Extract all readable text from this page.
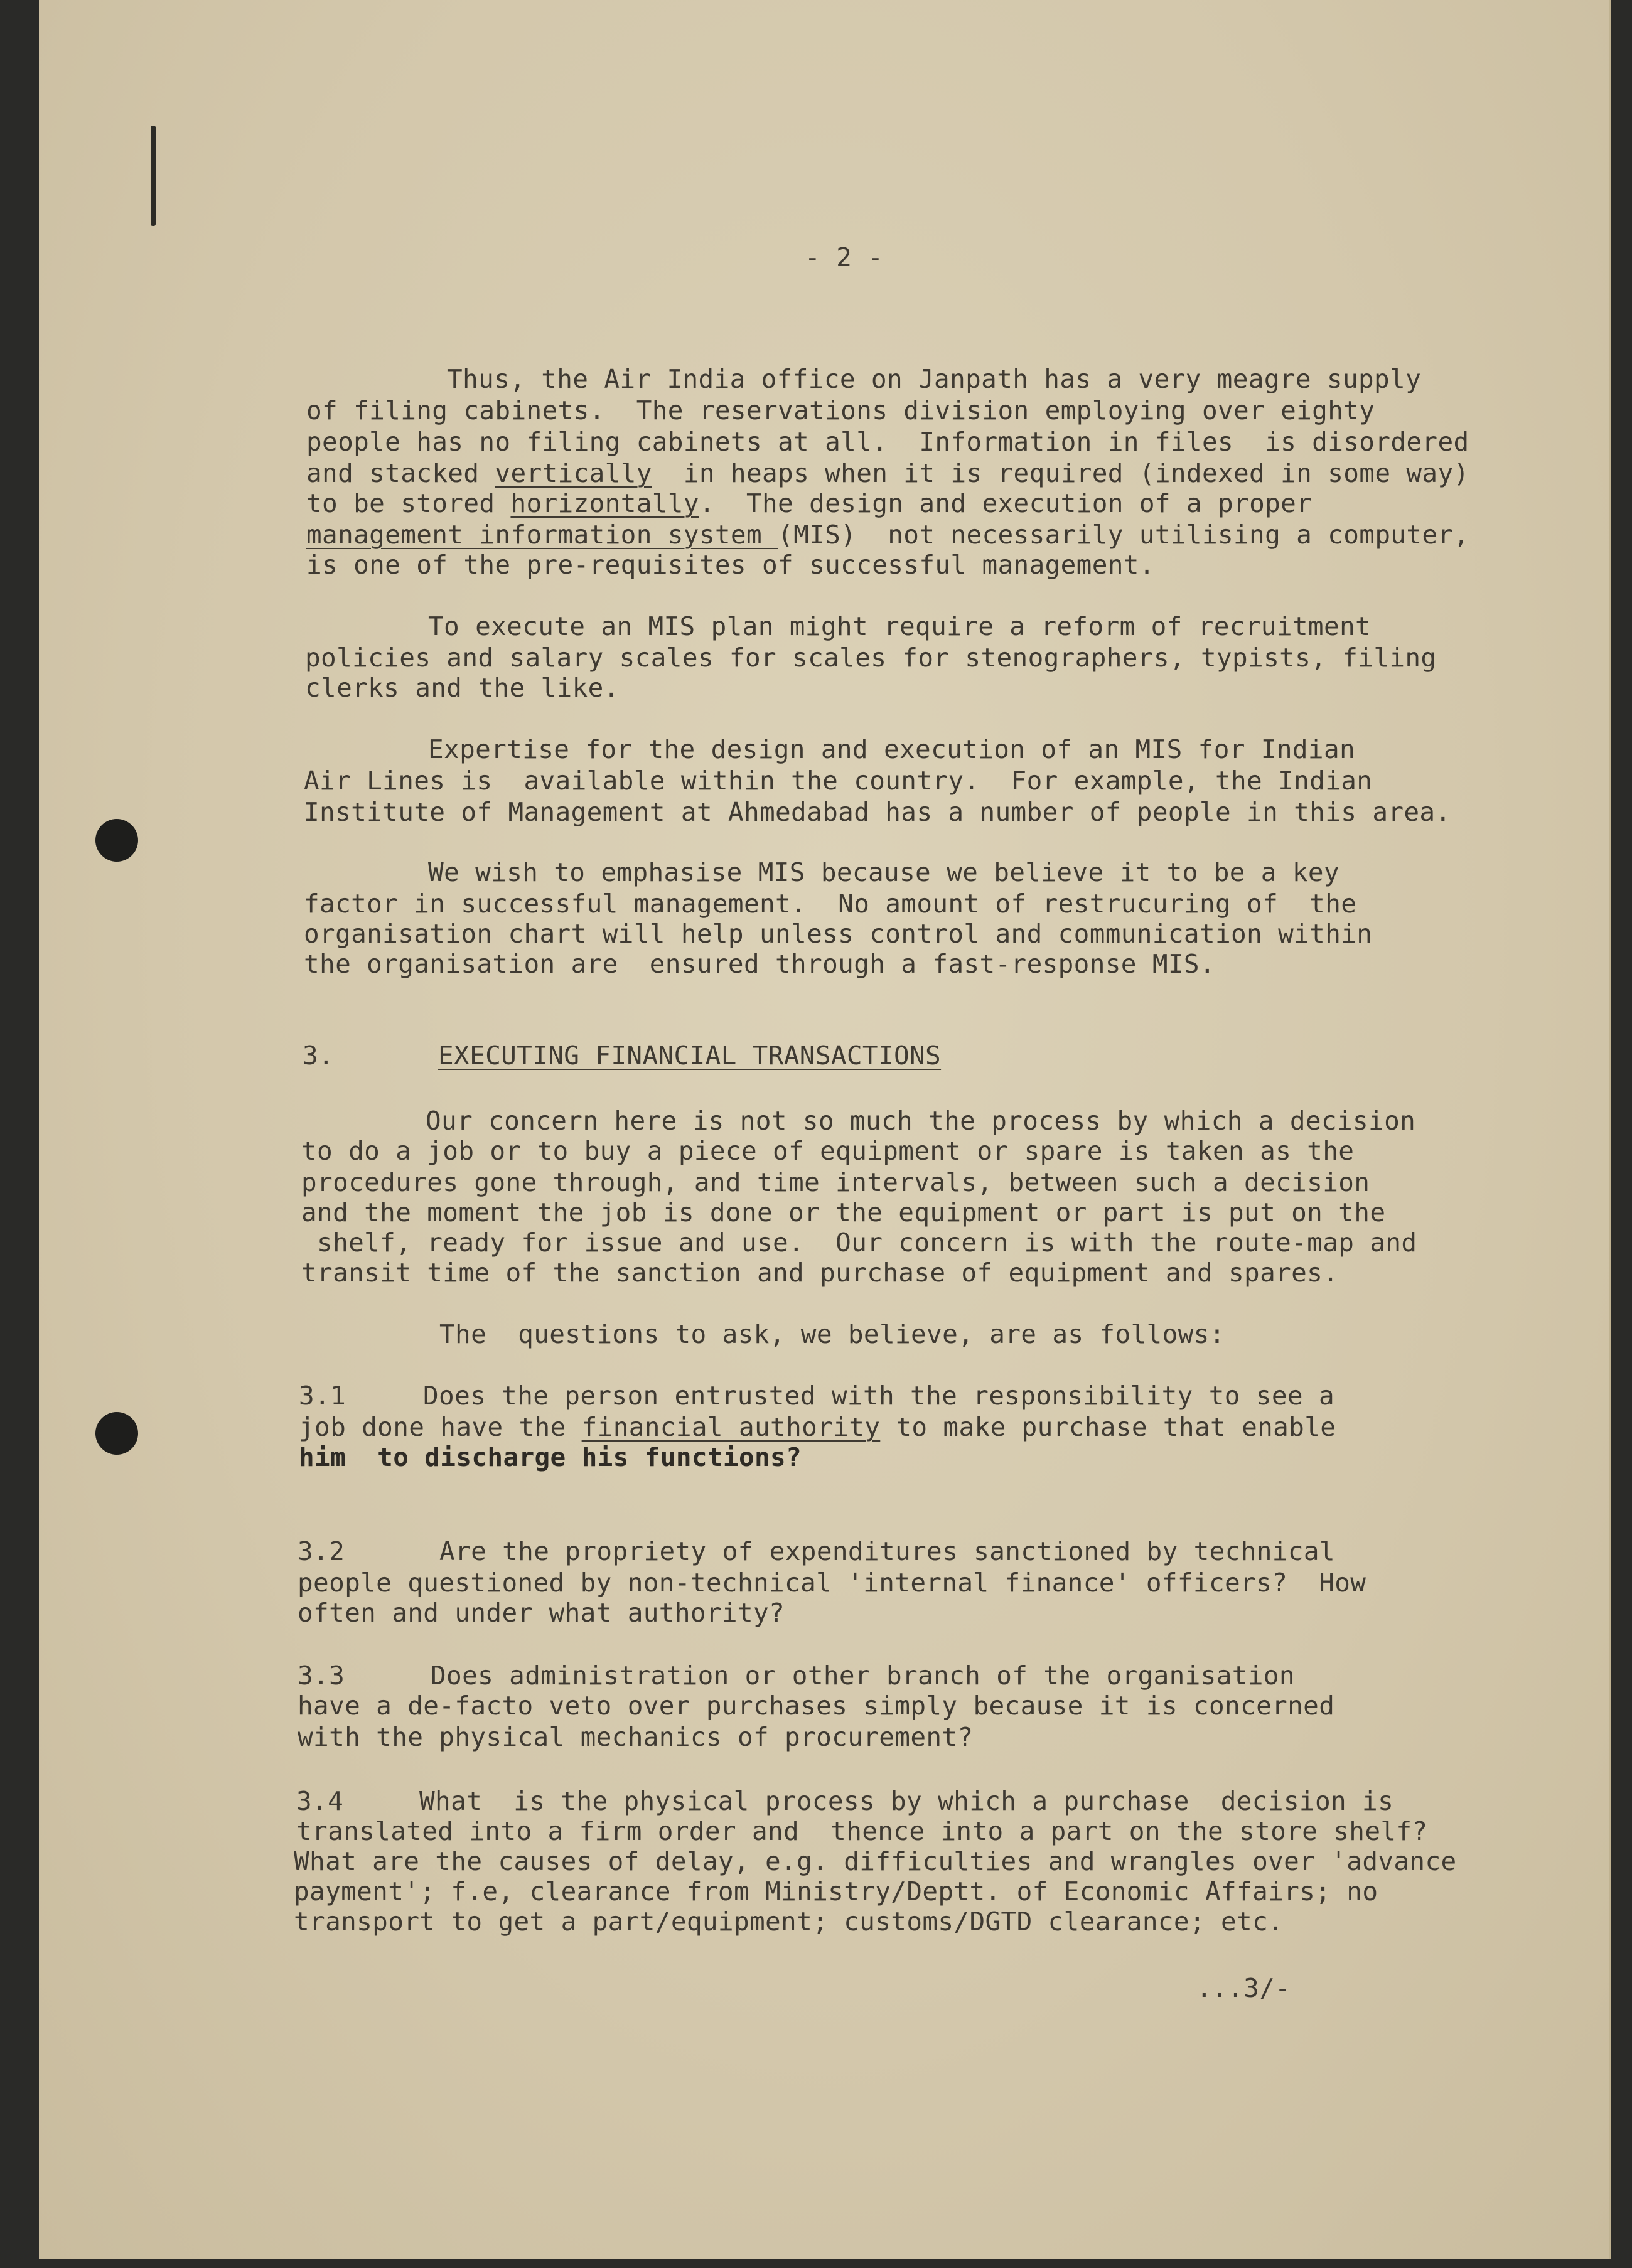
- 2 -
Thus, the Air India office on Janpath has a very meagre supply
of filing cabinets.  The reservations division employing over eighty
people has no filing cabinets at all.  Information in files  is disordered
and stacked vertically  in heaps when it is required (indexed in some way)
to be stored horizontally.  The design and execution of a proper
management information system (MIS)  not necessarily utilising a computer,
is one of the pre-requisites of successful management.
To execute an MIS plan might require a reform of recruitment
policies and salary scales for scales for stenographers, typists, filing
clerks and the like.
Expertise for the design and execution of an MIS for Indian
Air Lines is  available within the country.  For example, the Indian
Institute of Management at Ahmedabad has a number of people in this area.
We wish to emphasise MIS because we believe it to be a key
factor in successful management.  No amount of restrucuring of  the
organisation chart will help unless control and communication within
the organisation are  ensured through a fast-response MIS.
3.	EXECUTING FINANCIAL TRANSACTIONS
Our concern here is not so much the process by which a decision
to do a job or to buy a piece of equipment or spare is taken as the
procedures gone through, and time intervals, between such a decision
and the moment the job is done or the equipment or part is put on the
shelf, ready for issue and use.  Our concern is with the route-map and
transit time of the sanction and purchase of equipment and spares.
The  questions to ask, we believe, are as follows:
3.1	Does the person entrusted with the responsibility to see a
job done have the financial authority to make purchase that enable
him  to discharge his functions?
3.2	Are the propriety of expenditures sanctioned by technical
people questioned by non-technical 'internal finance' officers?  How
often and under what authority?
3.3	Does administration or other branch of the organisation
have a de-facto veto over purchases simply because it is concerned
with the physical mechanics of procurement?
3.4	What  is the physical process by which a purchase  decision is
translated into a firm order and  thence into a part on the store shelf?
What are the causes of delay, e.g. difficulties and wrangles over 'advance
payment'; f.e, clearance from Ministry/Deptt. of Economic Affairs; no
transport to get a part/equipment; customs/DGTD clearance; etc.
...3/-
